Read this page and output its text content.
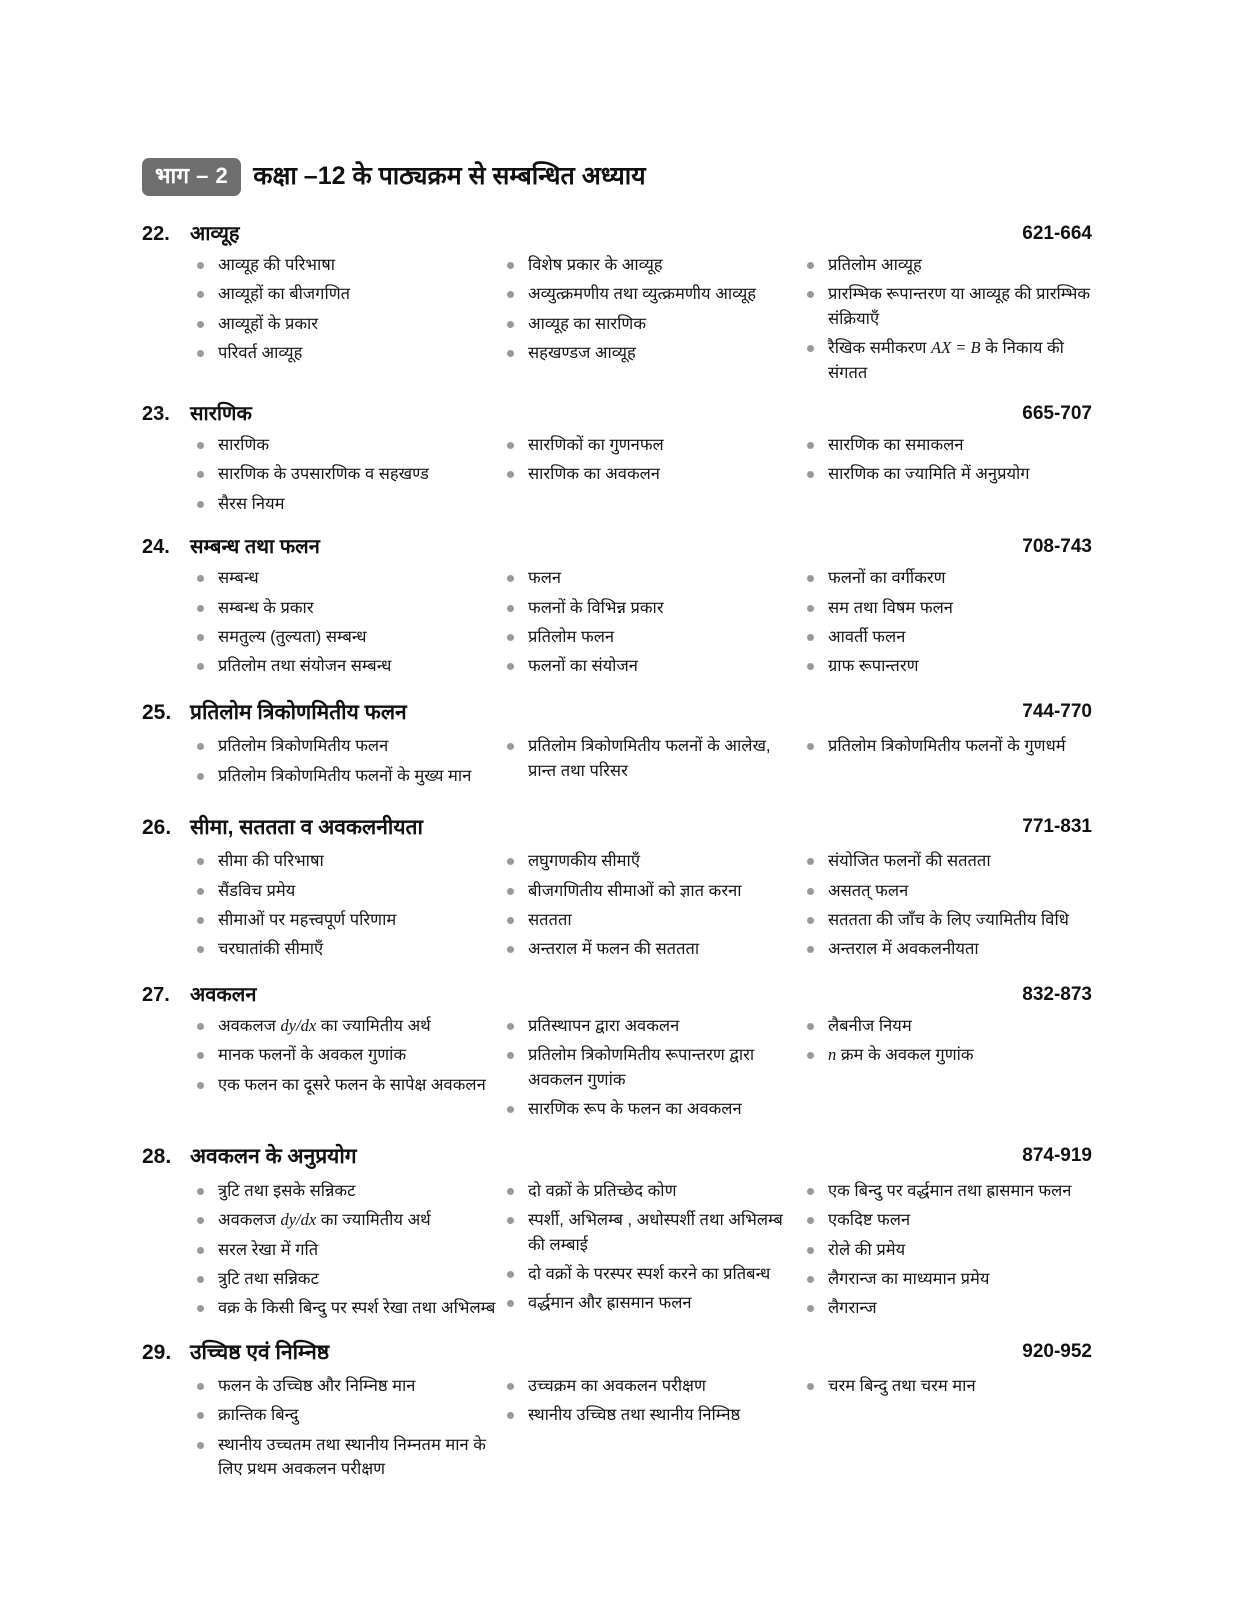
भाग – 2	कक्षा –12 के पाठ्यक्रम से सम्बन्धित अध्याय
22.	आव्यूह	621-664
आव्यूह की परिभाषा
आव्यूहों का बीजगणित
आव्यूहों के प्रकार
परिवर्त आव्यूह
विशेष प्रकार के आव्यूह
अव्युत्क्रमणीय तथा व्युत्क्रमणीय आव्यूह
आव्यूह का सारणिक
सहखण्डज आव्यूह
प्रतिलोम आव्यूह
प्रारम्भिक रूपान्तरण या आव्यूह की प्रारम्भिक संक्रियाएँ
रैखिक समीकरण AX = B के निकाय की संगतत
23.	सारणिक	665-707
सारणिक
सारणिक के उपसारणिक व सहखण्ड
सैरस नियम
सारणिकों का गुणनफल
सारणिक का अवकलन
सारणिक का समाकलन
सारणिक का ज्यामिति में अनुप्रयोग
24.	सम्बन्ध तथा फलन	708-743
सम्बन्ध
सम्बन्ध के प्रकार
समतुल्य (तुल्यता) सम्बन्ध
प्रतिलोम तथा संयोजन सम्बन्ध
फलन
फलनों के विभिन्न प्रकार
प्रतिलोम फलन
फलनों का संयोजन
फलनों का वर्गीकरण
सम तथा विषम फलन
आवर्ती फलन
ग्राफ रूपान्तरण
25. प्रतिलोम त्रिकोणमितीय फलन	744-770
प्रतिलोम त्रिकोणमितीय फलन
प्रतिलोम त्रिकोणमितीय फलनों के मुख्य मान
प्रतिलोम त्रिकोणमितीय फलनों के आलेख, प्रान्त तथा परिसर
प्रतिलोम त्रिकोणमितीय फलनों के गुणधर्म
26. सीमा, सततता व अवकलनीयता	771-831
सीमा की परिभाषा
सैंडविच प्रमेय
सीमाओं पर महत्त्वपूर्ण परिणाम
चरघातांकी सीमाएँ
लघुगणकीय सीमाएँ
बीजगणितीय सीमाओं को ज्ञात करना
सततता
अन्तराल में फलन की सततता
संयोजित फलनों की सततता
असतत् फलन
सततता की जाँच के लिए ज्यामितीय विधि
अन्तराल में अवकलनीयता
27.	अवकलन	832-873
अवकलज dy/dx का ज्यामितीय अर्थ
मानक फलनों के अवकल गुणांक
एक फलन का दूसरे फलन के सापेक्ष अवकलन
प्रतिस्थापन द्वारा अवकलन
प्रतिलोम त्रिकोणमितीय रूपान्तरण द्वारा अवकलन गुणांक
सारणिक रूप के फलन का अवकलन
लैबनीज नियम
n क्रम के अवकल गुणांक
28. अवकलन के अनुप्रयोग	874-919
त्रुटि तथा इसके सन्निकट
अवकलज dy/dx का ज्यामितीय अर्थ
सरल रेखा में गति
त्रुटि तथा सन्निकट
वक्र के किसी बिन्दु पर स्पर्श रेखा तथा अभिलम्ब
दो वक्रों के प्रतिच्छेद कोण
स्पर्शी, अभिलम्ब , अधोस्पर्शी तथा अभिलम्ब की लम्बाई
दो वक्रों के परस्पर स्पर्श करने का प्रतिबन्ध
वर्द्धमान और ह्रासमान फलन
एक बिन्दु पर वर्द्धमान तथा ह्रासमान फलन
एकदिष्ट फलन
रोले की प्रमेय
लैगरान्ज का माध्यमान प्रमेय
लैगरान्ज
29. उच्चिष्ठ एवं निम्निष्ठ	920-952
फलन के उच्चिष्ठ और निम्निष्ठ मान
क्रान्तिक बिन्दु
स्थानीय उच्चतम तथा स्थानीय निम्नतम मान के लिए प्रथम अवकलन परीक्षण
उच्चक्रम का अवकलन परीक्षण
स्थानीय उच्चिष्ठ तथा स्थानीय निम्निष्ठ
चरम बिन्दु तथा चरम मान
